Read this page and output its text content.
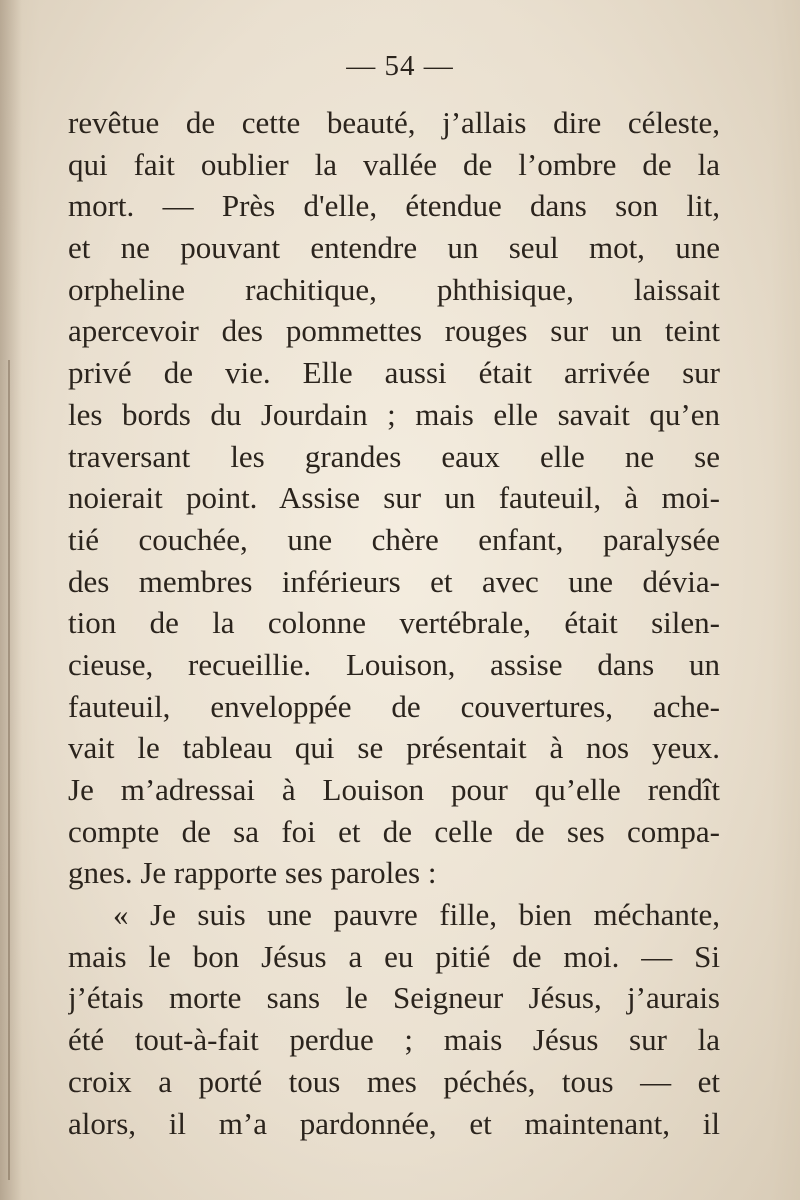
— 54 —
revêtue de cette beauté, j’allais dire céleste,
qui fait oublier la vallée de l’ombre de la
mort. — Près d'elle, étendue dans son lit,
et ne pouvant entendre un seul mot, une
orpheline rachitique, phthisique, laissait
apercevoir des pommettes rouges sur un teint
privé de vie. Elle aussi était arrivée sur
les bords du Jourdain ; mais elle savait qu’en
traversant les grandes eaux elle ne se
noierait point. Assise sur un fauteuil, à moi-
tié couchée, une chère enfant, paralysée
des membres inférieurs et avec une dévia-
tion de la colonne vertébrale, était silen-
cieuse, recueillie. Louison, assise dans un
fauteuil, enveloppée de couvertures, ache-
vait le tableau qui se présentait à nos yeux.
Je m’adressai à Louison pour qu’elle rendît
compte de sa foi et de celle de ses compa-
gnes. Je rapporte ses paroles :
« Je suis une pauvre fille, bien méchante,
mais le bon Jésus a eu pitié de moi. — Si
j’étais morte sans le Seigneur Jésus, j’aurais
été tout-à-fait perdue ; mais Jésus sur la
croix a porté tous mes péchés, tous — et
alors, il m’a pardonnée, et maintenant, il
